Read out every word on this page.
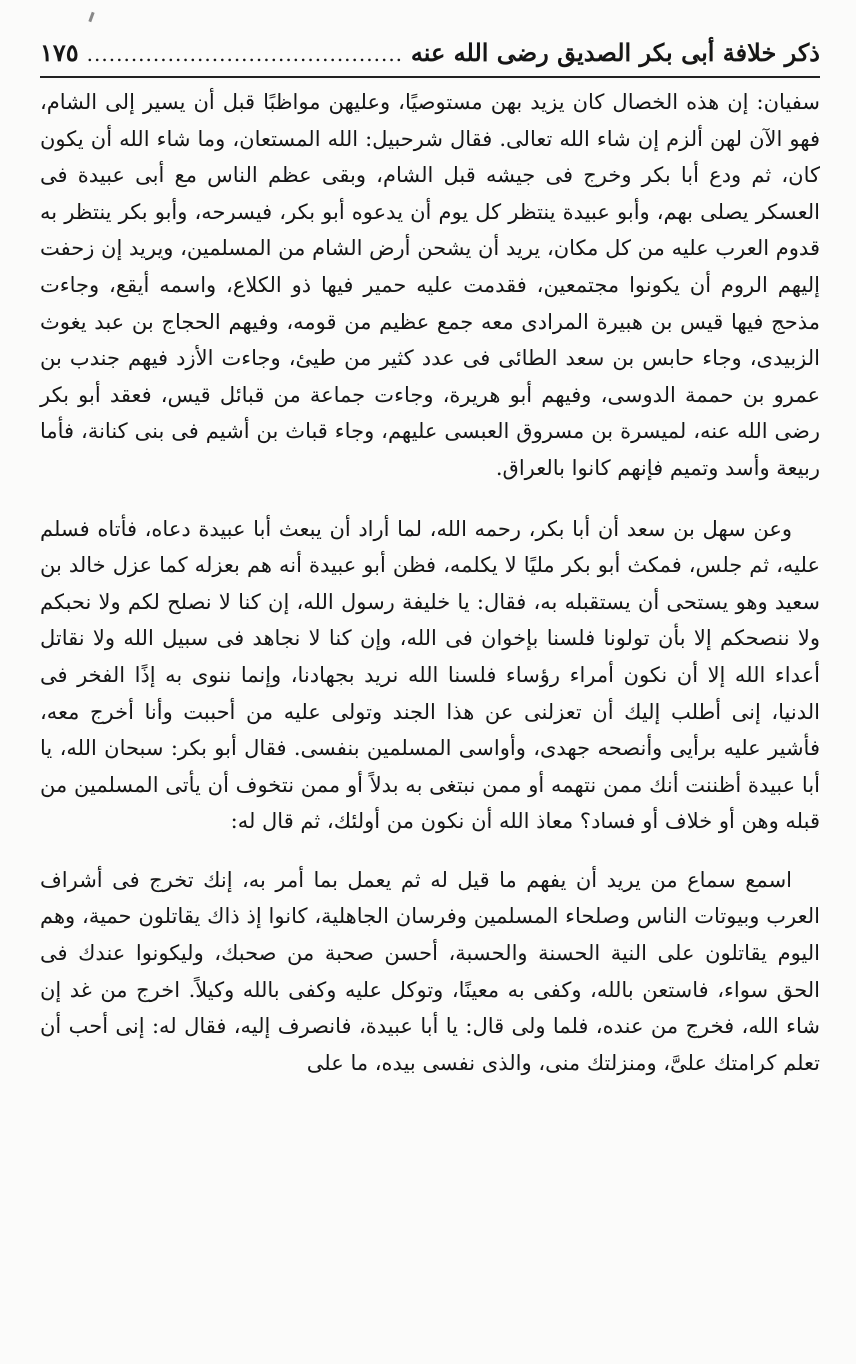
ذكر خلافة أبى بكر الصديق رضى الله عنه
.....
١٧٥

سفيان: إن هذه الخصال كان يزيد بهن مستوصيًا، وعليهن مواظبًا قبل أن يسير إلى الشام، فهو الآن لهن ألزم إن شاء الله تعالى. فقال شرحبيل: الله المستعان، وما شاء الله أن يكون كان، ثم ودع أبا بكر وخرج فى جيشه قبل الشام، وبقى عظم الناس مع أبى عبيدة فى العسكر يصلى بهم، وأبو عبيدة ينتظر كل يوم أن يدعوه أبو بكر، فيسرحه، وأبو بكر ينتظر به قدوم العرب عليه من كل مكان، يريد أن يشحن أرض الشام من المسلمين، ويريد إن زحفت إليهم الروم أن يكونوا مجتمعين، فقدمت عليه حمير فيها ذو الكلاع، واسمه أيقع، وجاءت مذحج فيها قيس بن هبيرة المرادى معه جمع عظيم من قومه، وفيهم الحجاج بن عبد يغوث الزبيدى، وجاء حابس بن سعد الطائى فى عدد كثير من طيئ، وجاءت الأزد فيهم جندب بن عمرو بن حممة الدوسى، وفيهم أبو هريرة، وجاءت جماعة من قبائل قيس، فعقد أبو بكر رضى الله عنه، لميسرة بن مسروق العبسى عليهم، وجاء قباث بن أشيم فى بنى كنانة، فأما ربيعة وأسد وتميم فإنهم كانوا بالعراق.

وعن سهل بن سعد أن أبا بكر، رحمه الله، لما أراد أن يبعث أبا عبيدة دعاه، فأتاه فسلم عليه، ثم جلس، فمكث أبو بكر مليًا لا يكلمه، فظن أبو عبيدة أنه هم بعزله كما عزل خالد بن سعيد وهو يستحى أن يستقبله به، فقال: يا خليفة رسول الله، إن كنا لا نصلح لكم ولا نحبكم ولا ننصحكم إلا بأن تولونا فلسنا بإخوان فى الله، وإن كنا لا نجاهد فى سبيل الله ولا نقاتل أعداء الله إلا أن نكون أمراء رؤساء فلسنا الله نريد بجهادنا، وإنما ننوى به إذًا الفخر فى الدنيا، إنى أطلب إليك أن تعزلنى عن هذا الجند وتولى عليه من أحببت وأنا أخرج معه، فأشير عليه برأيى وأنصحه جهدى، وأواسى المسلمين بنفسى. فقال أبو بكر: سبحان الله، يا أبا عبيدة أظننت أنك ممن نتهمه أو ممن نبتغى به بدلاً أو ممن نتخوف أن يأتى المسلمين من قبله وهن أو خلاف أو فساد؟ معاذ الله أن نكون من أولئك، ثم قال له:

اسمع سماع من يريد أن يفهم ما قيل له ثم يعمل بما أمر به، إنك تخرج فى أشراف العرب وبيوتات الناس وصلحاء المسلمين وفرسان الجاهلية، كانوا إذ ذاك يقاتلون حمية، وهم اليوم يقاتلون على النية الحسنة والحسبة، أحسن صحبة من صحبك، وليكونوا عندك فى الحق سواء، فاستعن بالله، وكفى به معينًا، وتوكل عليه وكفى بالله وكيلاً. اخرج من غد إن شاء الله، فخرج من عنده، فلما ولى قال: يا أبا عبيدة، فانصرف إليه، فقال له: إنى أحب أن تعلم كرامتك علىَّ، ومنزلتك منى، والذى نفسى بيده، ما على
